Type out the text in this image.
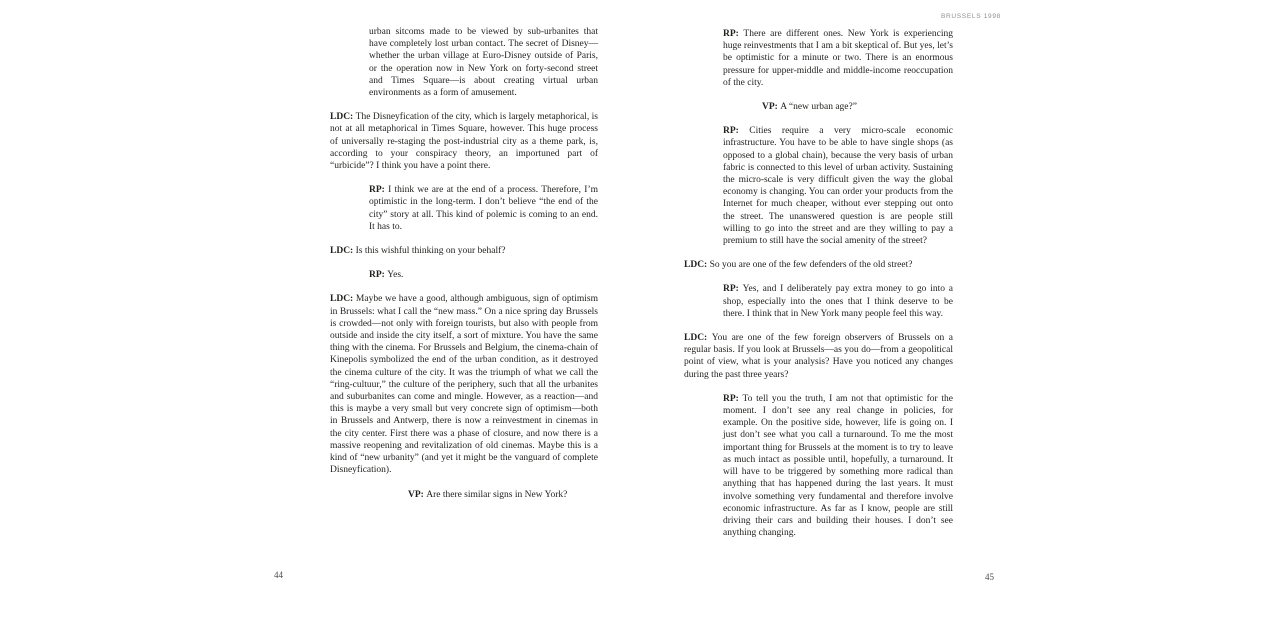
BRUSSELS 1998
urban sitcoms made to be viewed by sub-urbanites that have completely lost urban contact. The secret of Disney—whether the urban village at Euro-Disney outside of Paris, or the operation now in New York on forty-second street and Times Square—is about creating virtual urban environments as a form of amusement.
LDC: The Disneyfication of the city, which is largely metaphorical, is not at all metaphorical in Times Square, however. This huge process of universally re-staging the post-industrial city as a theme park, is, according to your conspiracy theory, an importuned part of “urbicide”? I think you have a point there.
RP: I think we are at the end of a process. Therefore, I’m optimistic in the long-term. I don’t believe “the end of the city” story at all. This kind of polemic is coming to an end. It has to.
LDC: Is this wishful thinking on your behalf?
RP: Yes.
LDC: Maybe we have a good, although ambiguous, sign of optimism in Brussels: what I call the “new mass.” On a nice spring day Brussels is crowded—not only with foreign tourists, but also with people from outside and inside the city itself, a sort of mixture. You have the same thing with the cinema. For Brussels and Belgium, the cinema-chain of Kinepolis symbolized the end of the urban condition, as it destroyed the cinema culture of the city. It was the triumph of what we call the “ring-cultuur,” the culture of the periphery, such that all the urbanites and suburbanites can come and mingle. However, as a reaction—and this is maybe a very small but very concrete sign of optimism—both in Brussels and Antwerp, there is now a reinvestment in cinemas in the city center. First there was a phase of closure, and now there is a massive reopening and revitalization of old cinemas. Maybe this is a kind of “new urbanity” (and yet it might be the vanguard of complete Disneyfication).
VP: Are there similar signs in New York?
RP: There are different ones. New York is experiencing huge reinvestments that I am a bit skeptical of. But yes, let’s be optimistic for a minute or two. There is an enormous pressure for upper-middle and middle-income reoccupation of the city.
VP: A “new urban age?”
RP: Cities require a very micro-scale economic infrastructure. You have to be able to have single shops (as opposed to a global chain), because the very basis of urban fabric is connected to this level of urban activity. Sustaining the micro-scale is very difficult given the way the global economy is changing. You can order your products from the Internet for much cheaper, without ever stepping out onto the street. The unanswered question is are people still willing to go into the street and are they willing to pay a premium to still have the social amenity of the street?
LDC: So you are one of the few defenders of the old street?
RP: Yes, and I deliberately pay extra money to go into a shop, especially into the ones that I think deserve to be there. I think that in New York many people feel this way.
LDC: You are one of the few foreign observers of Brussels on a regular basis. If you look at Brussels—as you do—from a geopolitical point of view, what is your analysis? Have you noticed any changes during the past three years?
RP: To tell you the truth, I am not that optimistic for the moment. I don’t see any real change in policies, for example. On the positive side, however, life is going on. I just don’t see what you call a turnaround. To me the most important thing for Brussels at the moment is to try to leave as much intact as possible until, hopefully, a turnaround. It will have to be triggered by something more radical than anything that has happened during the last years. It must involve something very fundamental and therefore involve economic infrastructure. As far as I know, people are still driving their cars and building their houses. I don’t see anything changing.
44	45
